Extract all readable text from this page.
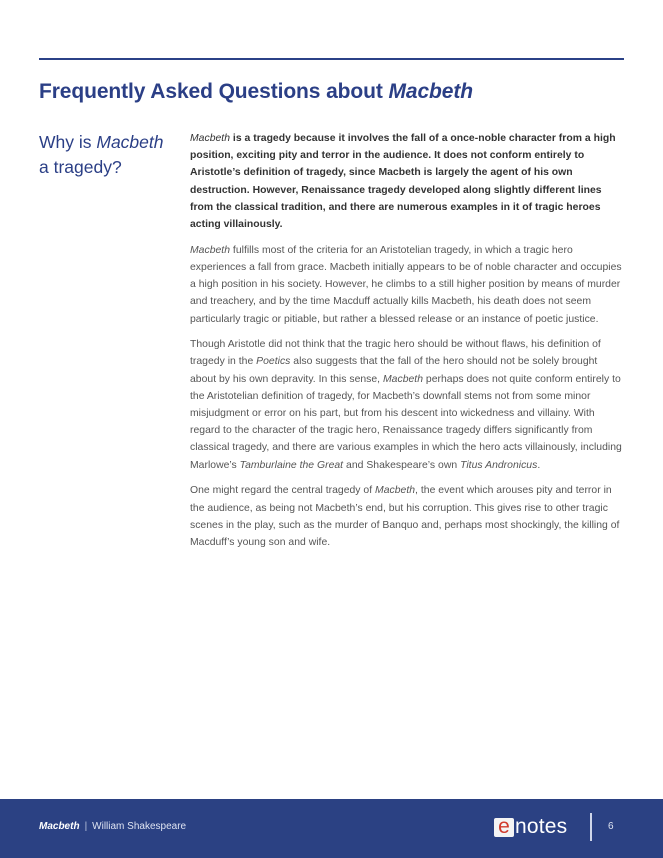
Frequently Asked Questions about Macbeth
Why is Macbeth
a tragedy?

Macbeth is a tragedy because it involves the fall of a once-noble character from a high position, exciting pity and terror in the audience. It does not conform entirely to Aristotle’s definition of tragedy, since Macbeth is largely the agent of his own destruction. However, Renaissance tragedy developed along slightly different lines from the classical tradition, and there are numerous examples in it of tragic heroes acting villainously.

Macbeth fulfills most of the criteria for an Aristotelian tragedy, in which a tragic hero experiences a fall from grace. Macbeth initially appears to be of noble character and occupies a high position in his society. However, he climbs to a still higher position by means of murder and treachery, and by the time Macduff actually kills Macbeth, his death does not seem particularly tragic or pitiable, but rather a blessed release or an instance of poetic justice.

Though Aristotle did not think that the tragic hero should be without flaws, his definition of tragedy in the Poetics also suggests that the fall of the hero should not be solely brought about by his own depravity. In this sense, Macbeth perhaps does not quite conform entirely to the Aristotelian definition of tragedy, for Macbeth’s downfall stems not from some minor misjudgment or error on his part, but from his descent into wickedness and villainy. With regard to the character of the tragic hero, Renaissance tragedy differs significantly from classical tragedy, and there are various examples in which the hero acts villainously, including Marlowe’s Tamburlaine the Great and Shakespeare’s own Titus Andronicus.

One might regard the central tragedy of Macbeth, the event which arouses pity and terror in the audience, as being not Macbeth’s end, but his corruption. This gives rise to other tragic scenes in the play, such as the murder of Banquo and, perhaps most shockingly, the killing of Macduff’s young son and wife.

Macbeth | William Shakespeare	e notes	6
